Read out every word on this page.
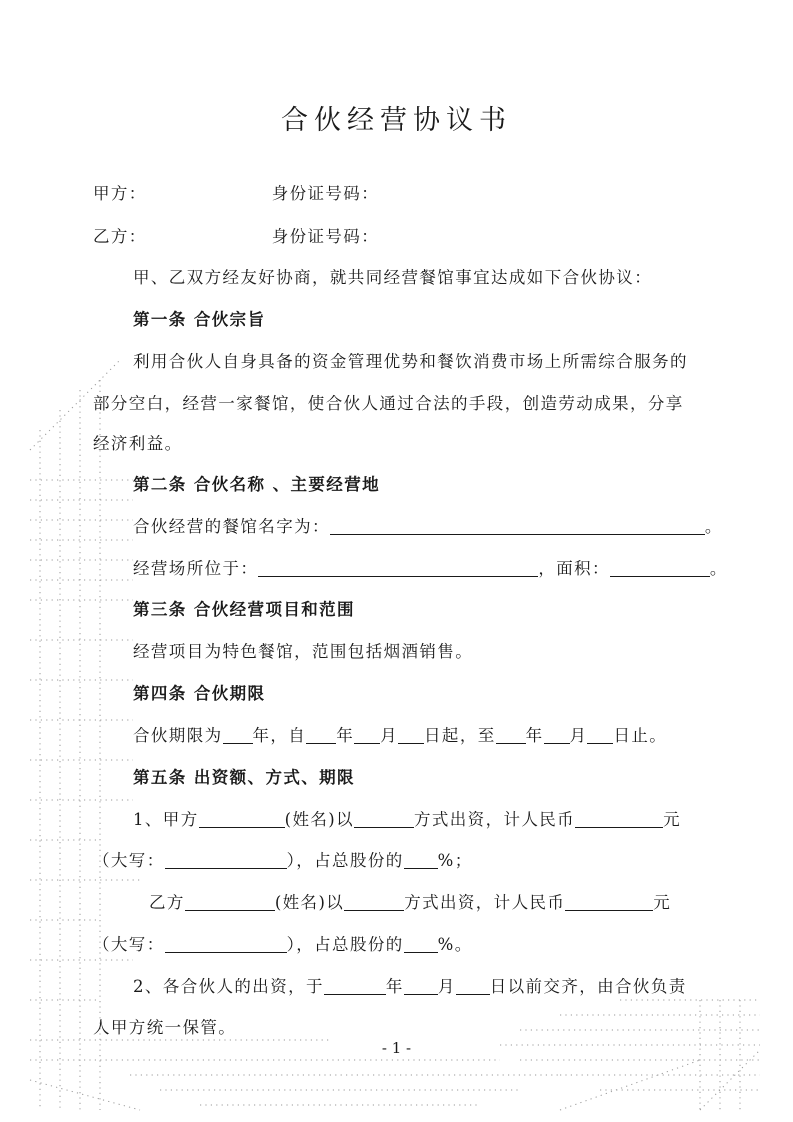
合伙经营协议书
甲方：	身份证号码：
乙方：	身份证号码：
甲、乙双方经友好协商，就共同经营餐馆事宜达成如下合伙协议：
第一条 合伙宗旨
利用合伙人自身具备的资金管理优势和餐饮消费市场上所需综合服务的
部分空白，经营一家餐馆，使合伙人通过合法的手段，创造劳动成果，分享
经济利益。
第二条 合伙名称 、主要经营地
合伙经营的餐馆名字为：	。
经营场所位于：	，面积：	。
第三条 合伙经营项目和范围
经营项目为特色餐馆，范围包括烟酒销售。
第四条 合伙期限
合伙期限为 年，自 年 月 日起，至 年 月 日止。
第五条 出资额、方式、期限
1、甲方	(姓名)以	方式出资，计人民币	元
（大写：	），占总股份的 %；
乙方	(姓名)以	方式出资，计人民币	元
（大写：	），占总股份的 %。
2、各合伙人的出资，于	年 月 日以前交齐，由合伙负责
人甲方统一保管。
- 1 -
